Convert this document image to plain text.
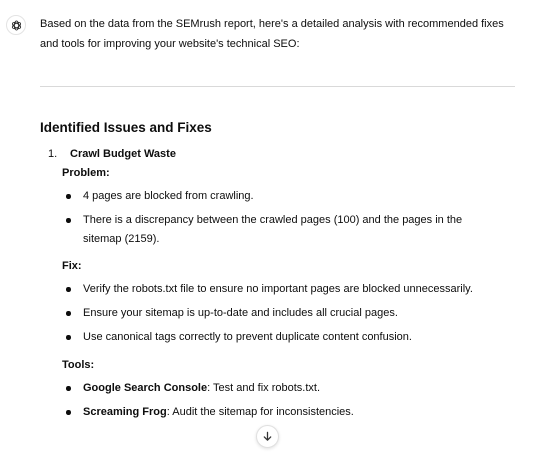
Based on the data from the SEMrush report, here's a detailed analysis with recommended fixes and tools for improving your website's technical SEO:
Identified Issues and Fixes
1. Crawl Budget Waste
Problem:
4 pages are blocked from crawling.
There is a discrepancy between the crawled pages (100) and the pages in the sitemap (2159).
Fix:
Verify the robots.txt file to ensure no important pages are blocked unnecessarily.
Ensure your sitemap is up-to-date and includes all crucial pages.
Use canonical tags correctly to prevent duplicate content confusion.
Tools:
Google Search Console: Test and fix robots.txt.
Screaming Frog: Audit the sitemap for inconsistencies.
